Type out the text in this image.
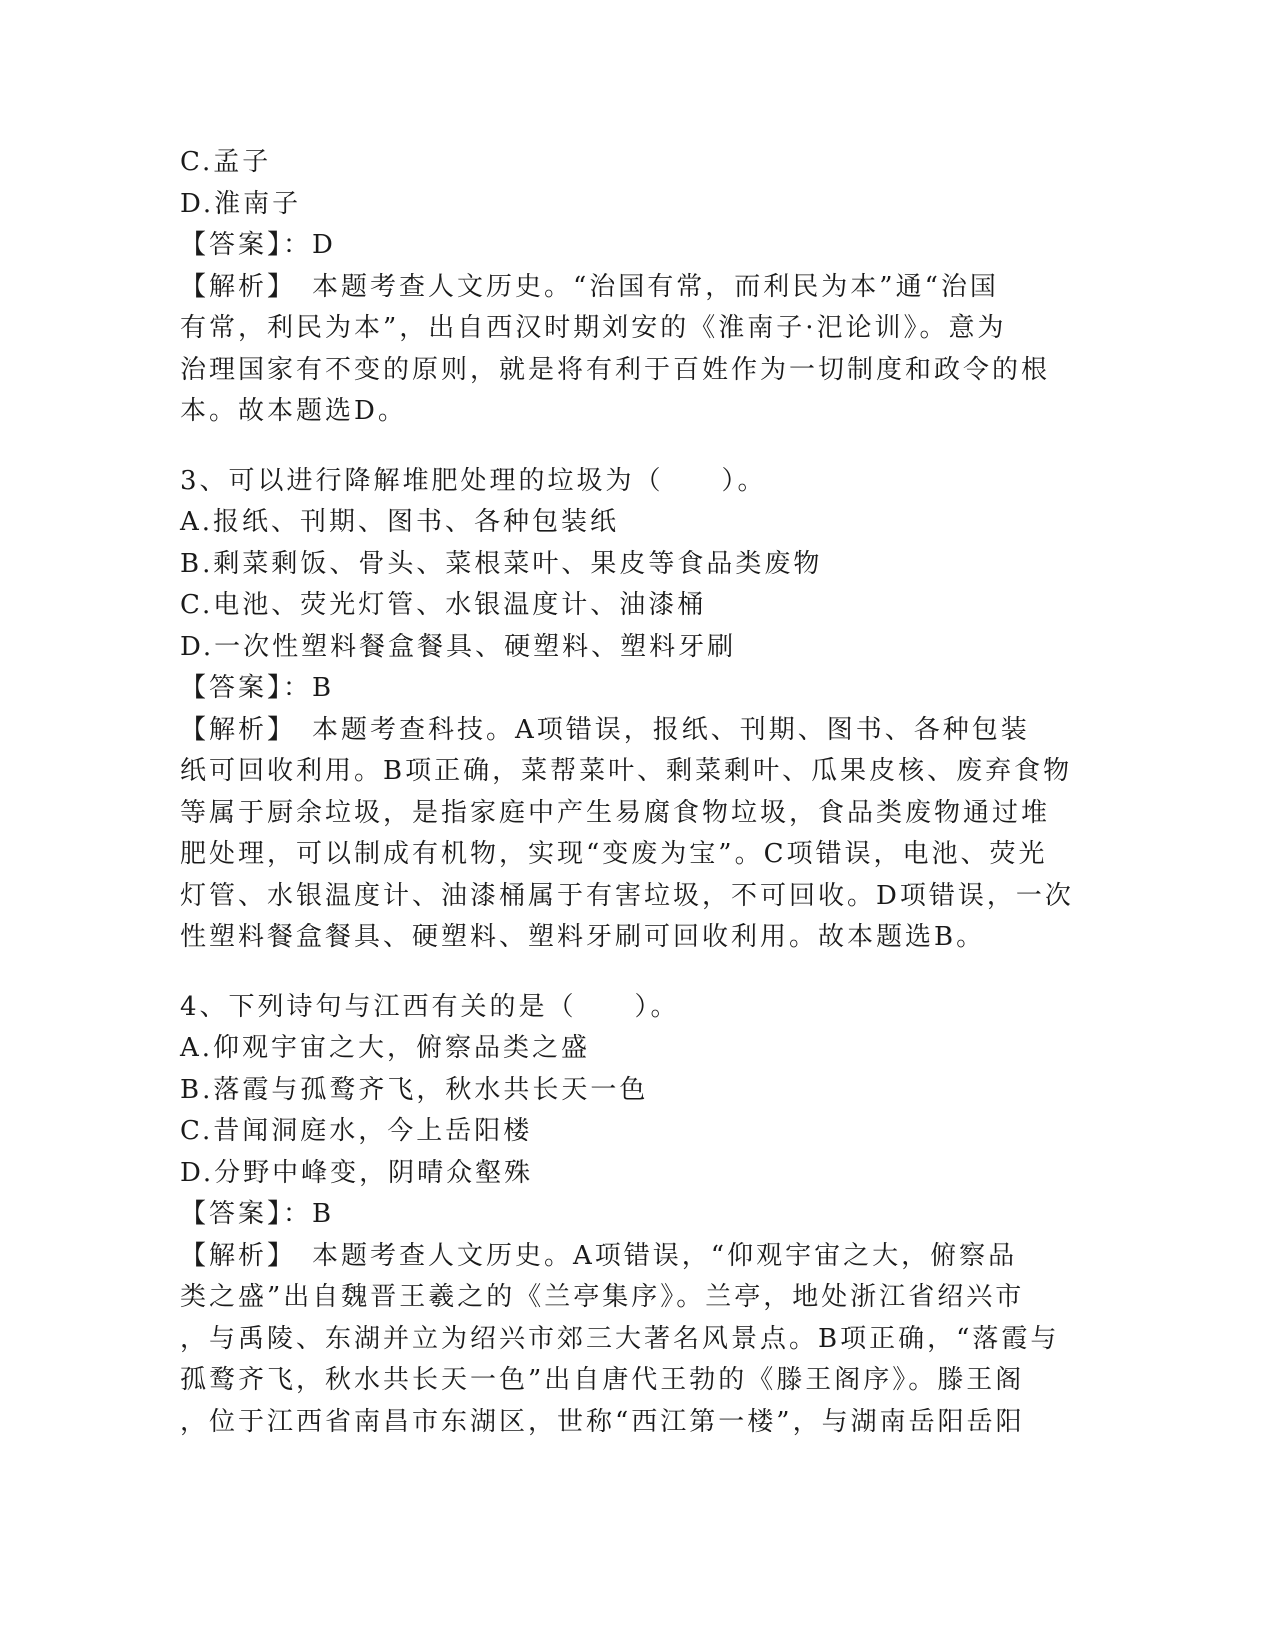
C.孟子
D.淮南子
【答案】：D
【解析】　本题考查人文历史。“治国有常，而利民为本”通“治国
有常，利民为本”，出自西汉时期刘安的《淮南子·汜论训》。意为
治理国家有不变的原则，就是将有利于百姓作为一切制度和政令的根
本。故本题选D。
3、可以进行降解堆肥处理的垃圾为（　　）。
A.报纸、刊期、图书、各种包装纸
B.剩菜剩饭、骨头、菜根菜叶、果皮等食品类废物
C.电池、荧光灯管、水银温度计、油漆桶
D.一次性塑料餐盒餐具、硬塑料、塑料牙刷
【答案】：B
【解析】　本题考查科技。A项错误，报纸、刊期、图书、各种包装
纸可回收利用。B项正确，菜帮菜叶、剩菜剩叶、瓜果皮核、废弃食物
等属于厨余垃圾，是指家庭中产生易腐食物垃圾，食品类废物通过堆
肥处理，可以制成有机物，实现“变废为宝”。C项错误，电池、荧光
灯管、水银温度计、油漆桶属于有害垃圾，不可回收。D项错误，一次
性塑料餐盒餐具、硬塑料、塑料牙刷可回收利用。故本题选B。
4、下列诗句与江西有关的是（　　）。
A.仰观宇宙之大，俯察品类之盛
B.落霞与孤鹜齐飞，秋水共长天一色
C.昔闻洞庭水，今上岳阳楼
D.分野中峰变，阴晴众壑殊
【答案】：B
【解析】　本题考查人文历史。A项错误，“仰观宇宙之大，俯察品
类之盛”出自魏晋王羲之的《兰亭集序》。兰亭，地处浙江省绍兴市
，与禹陵、东湖并立为绍兴市郊三大著名风景点。B项正确，“落霞与
孤鹜齐飞，秋水共长天一色”出自唐代王勃的《滕王阁序》。滕王阁
，位于江西省南昌市东湖区，世称“西江第一楼”，与湖南岳阳岳阳
